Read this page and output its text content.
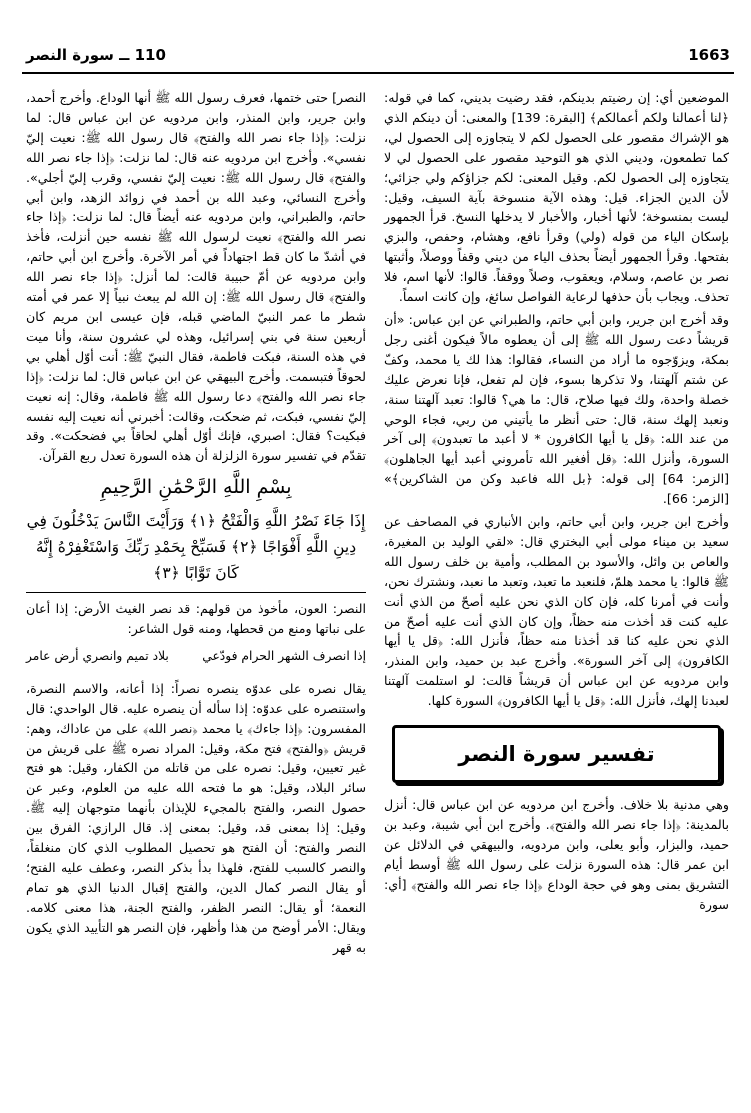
110 ــ سورة النصر	1663

الموضعين أي: إن رضيتم بدينكم، فقد رضيت بديني، كما في قوله: ﴿لنا أعمالنا ولكم أعمالكم﴾ [البقرة: 139] والمعنى: أن دينكم الذي هو الإشراك مقصور على الحصول لكم لا يتجاوزه إلى الحصول لي، كما تطمعون، وديني الذي هو التوحيد مقصور على الحصول لي لا يتجاوزه إلى الحصول لكم. وقيل المعنى: لكم جزاؤكم ولي جزائي؛ لأن الدين الجزاء. قيل: وهذه الآية منسوخة بآية السيف، وقيل: ليست بمنسوخة؛ لأنها أخبار، والأخبار لا يدخلها النسخ. قرأ الجمهور بإسكان الياء من قوله (ولي) وقرأ نافع، وهشام، وحفص، والبزي بفتحها. وقرأ الجمهور أيضاً بحذف الياء من ديني وقفاً ووصلاً، وأثبتها نصر بن عاصم، وسلام، ويعقوب، وصلاً ووقفاً. قالوا: لأنها اسم، فلا تحذف. ويجاب بأن حذفها لرعاية الفواصل سائغ، وإن كانت اسماً.

وقد أخرج ابن جرير، وابن أبي حاتم، والطبراني عن ابن عباس: «أن قريشاً دعت رسول الله ﷺ إلى أن يعطوه مالاً فيكون أغنى رجل بمكة، ويزوّجوه ما أراد من النساء، فقالوا: هذا لك يا محمد، وكفّ عن شتم آلهتنا، ولا تذكرها بسوء، فإن لم تفعل، فإنا نعرض عليك خصلة واحدة، ولك فيها صلاح، قال: ما هي؟ قالوا: تعبد آلهتنا سنة، ونعبد إلهك سنة، قال: حتى أنظر ما يأتيني من ربي، فجاء الوحي من عند الله: ﴿قل يا أيها الكافرون * لا أعبد ما تعبدون﴾ إلى آخر السورة، وأنزل الله: ﴿قل أفغير الله تأمروني أعبد أيها الجاهلون﴾ [الزمر: 64] إلى قوله: ﴿بل الله فاعبد وكن من الشاكرين﴾» [الزمر: 66].

وأخرج ابن جرير، وابن أبي حاتم، وابن الأنباري في المصاحف عن سعيد بن ميناء مولى أبي البختري قال: «لقي الوليد بن المغيرة، والعاص بن وائل، والأسود بن المطلب، وأمية بن خلف رسول الله ﷺ قالوا: يا محمد هلمّ، فلنعبد ما تعبد، وتعبد ما نعبد، ونشترك نحن، وأنت في أمرنا كله، فإن كان الذي نحن عليه أصحّ من الذي أنت عليه كنت قد أخذت منه حظاً، وإن كان الذي أنت عليه أصحّ من الذي نحن عليه كنا قد أخذنا منه حظاً، فأنزل الله: ﴿قل يا أيها الكافرون﴾ إلى آخر السورة». وأخرج عبد بن حميد، وابن المنذر، وابن مردويه عن ابن عباس أن قريشاً قالت: لو استلمت آلهتنا لعبدنا إلهك، فأنزل الله: ﴿قل يا أيها الكافرون﴾ السورة كلها.

تفسير سورة النصر

وهي مدنية بلا خلاف. وأخرج ابن مردويه عن ابن عباس قال: أنزل بالمدينة: ﴿إذا جاء نصر الله والفتح﴾. وأخرج ابن أبي شيبة، وعبد بن حميد، والبزار، وأبو يعلى، وابن مردويه، والبيهقي في الدلائل عن ابن عمر قال: هذه السورة نزلت على رسول الله ﷺ أوسط أيام التشريق بمنى وهو في حجة الوداع ﴿إذا جاء نصر الله والفتح﴾ [أي: سورة

النصر] حتى ختمها، فعرف رسول الله ﷺ أنها الوداع. وأخرج أحمد، وابن جرير، وابن المنذر، وابن مردويه عن ابن عباس قال: لما نزلت: ﴿إذا جاء نصر الله والفتح﴾ قال رسول الله ﷺ: نعيت إليّ نفسي». وأخرج ابن مردويه عنه قال: لما نزلت: ﴿إذا جاء نصر الله والفتح﴾ قال رسول الله ﷺ: نعيت إليّ نفسي، وقرب إليّ أجلي». وأخرج النسائي، وعبد الله بن أحمد في زوائد الزهد، وابن أبي حاتم، والطبراني، وابن مردويه عنه أيضاً قال: لما نزلت: ﴿إذا جاء نصر الله والفتح﴾ نعيت لرسول الله ﷺ نفسه حين أنزلت، فأخذ في أشدّ ما كان قط اجتهاداً في أمر الآخرة. وأخرج ابن أبي حاتم، وابن مردويه عن أمّ حبيبة قالت: لما أنزل: ﴿إذا جاء نصر الله والفتح﴾ قال رسول الله ﷺ: إن الله لم يبعث نبياً إلا عمر في أمته شطر ما عمر النبيّ الماضي قبله، فإن عيسى ابن مريم كان أربعين سنة في بني إسرائيل، وهذه لي عشرون سنة، وأنا ميت في هذه السنة، فبكت فاطمة، فقال النبيّ ﷺ: أنت أوّل أهلي بي لحوقاً فتبسمت. وأخرج البيهقي عن ابن عباس قال: لما نزلت: ﴿إذا جاء نصر الله والفتح﴾ دعا رسول الله ﷺ فاطمة، وقال: إنه نعيت إليّ نفسي، فبكت، ثم ضحكت، وقالت: أخبرني أنه نعيت إليه نفسه فبكيت؟ فقال: اصبري، فإنك أوّل أهلي لحاقاً بي فضحكت». وقد تقدّم في تفسير سورة الزلزلة أن هذه السورة تعدل ربع القرآن.

بِسْمِ اللَّهِ الرَّحْمَٰنِ الرَّحِيمِ
إِذَا جَاءَ نَصْرُ اللَّهِ وَالْفَتْحُ ﴿١﴾ وَرَأَيْتَ النَّاسَ يَدْخُلُونَ فِي دِينِ اللَّهِ أَفْوَاجًا ﴿٢﴾ فَسَبِّحْ بِحَمْدِ رَبِّكَ وَاسْتَغْفِرْهُ إِنَّهُ كَانَ تَوَّابًا ﴿٣﴾

النصر: العون، مأخوذ من قولهم: قد نصر الغيث الأرض: إذا أعان على نباتها ومنع من قحطها، ومنه قول الشاعر:

إذا انصرف الشهر الحرام فودّعي
بلاد تميم وانصري أرض عامر

يقال نصره على عدوّه ينصره نصراً: إذا أعانه، والاسم النصرة، واستنصره على عدوّه: إذا سأله أن ينصره عليه. قال الواحدي: قال المفسرون: ﴿إذا جاءك﴾ يا محمد ﴿نصر الله﴾ على من عاداك، وهم: قريش ﴿والفتح﴾ فتح مكة، وقيل: المراد نصره ﷺ على قريش من غير تعيين، وقيل: نصره على من قاتله من الكفار، وقيل: هو فتح سائر البلاد، وقيل: هو ما فتحه الله عليه من العلوم، وعبر عن حصول النصر، والفتح بالمجيء للإيذان بأنهما متوجهان إليه ﷺ. وقيل: إذا بمعنى قد، وقيل: بمعنى إذ. قال الرازي: الفرق بين النصر والفتح: أن الفتح هو تحصيل المطلوب الذي كان منغلقاً، والنصر كالسبب للفتح، فلهذا بدأ بذكر النصر، وعطف عليه الفتح؛ أو يقال النصر كمال الدين، والفتح إقبال الدنيا الذي هو تمام النعمة؛ أو يقال: النصر الظفر، والفتح الجنة، هذا معنى كلامه. ويقال: الأمر أوضح من هذا وأظهر، فإن النصر هو التأييد الذي يكون به قهر
